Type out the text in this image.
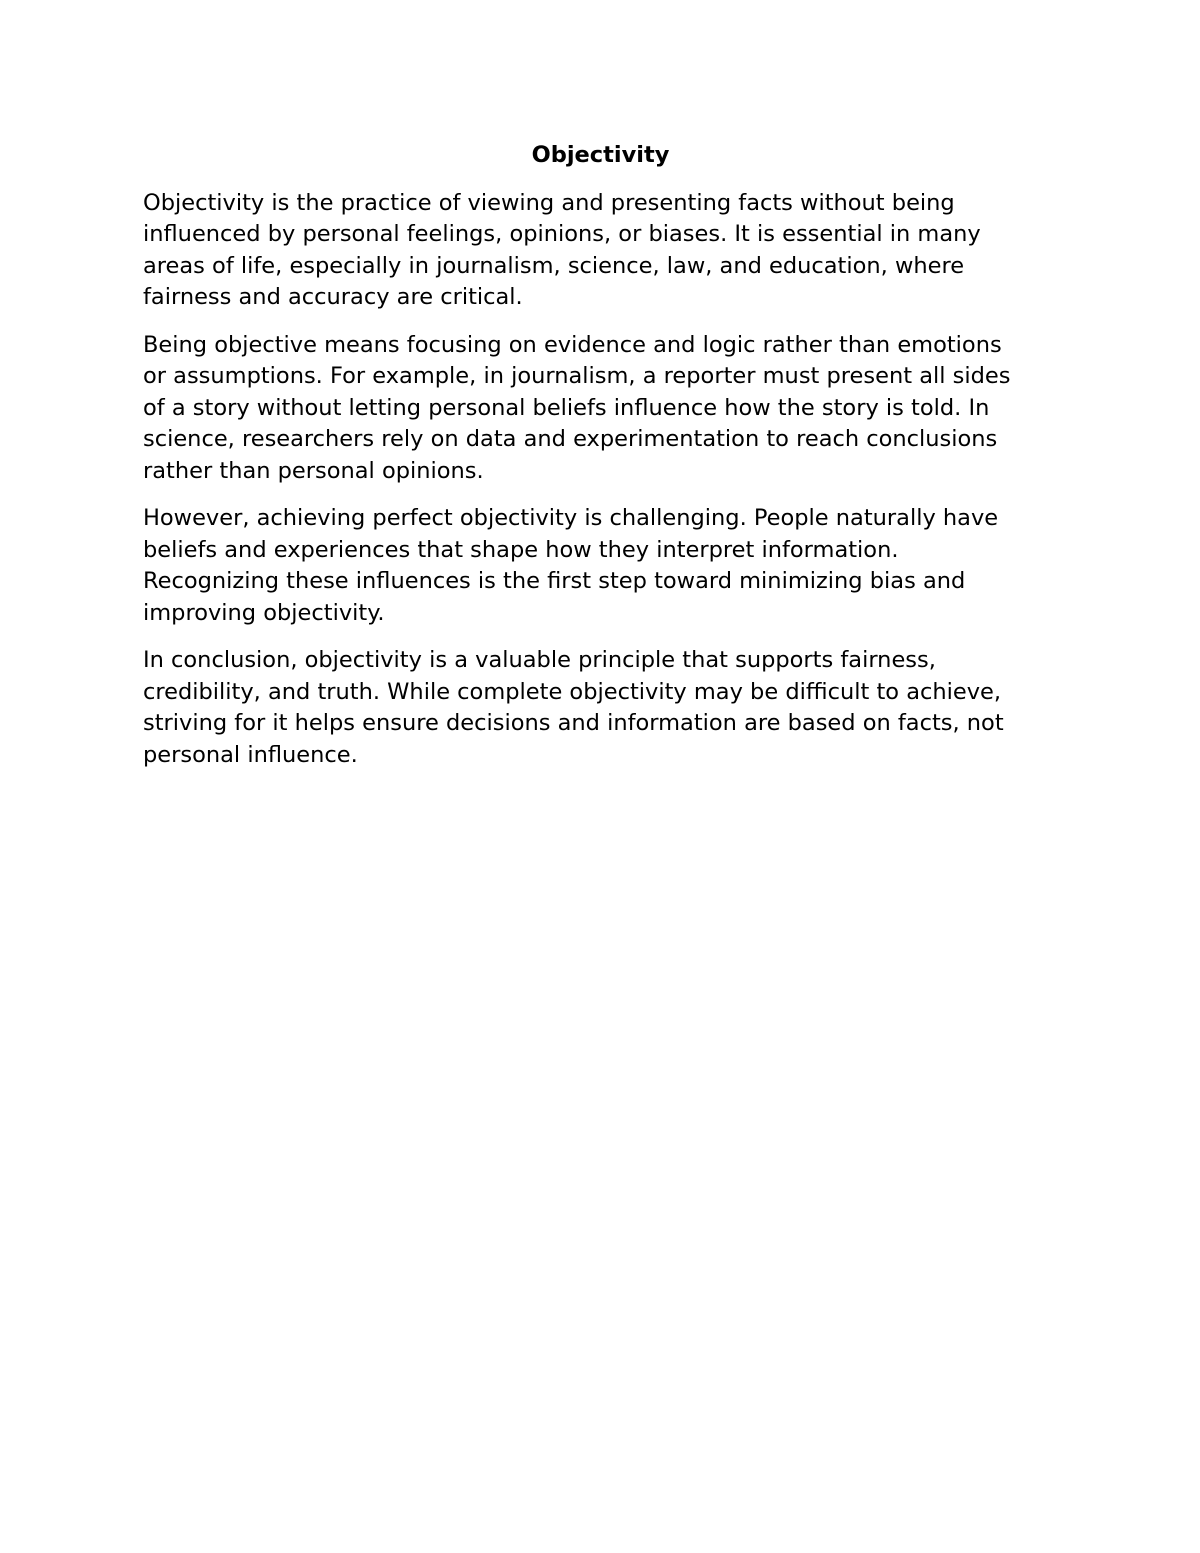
Objectivity

Objectivity is the practice of viewing and presenting facts without being
influenced by personal feelings, opinions, or biases. It is essential in many
areas of life, especially in journalism, science, law, and education, where
fairness and accuracy are critical.

Being objective means focusing on evidence and logic rather than emotions
or assumptions. For example, in journalism, a reporter must present all sides
of a story without letting personal beliefs influence how the story is told. In
science, researchers rely on data and experimentation to reach conclusions
rather than personal opinions.

However, achieving perfect objectivity is challenging. People naturally have
beliefs and experiences that shape how they interpret information.
Recognizing these influences is the first step toward minimizing bias and
improving objectivity.

In conclusion, objectivity is a valuable principle that supports fairness,
credibility, and truth. While complete objectivity may be difficult to achieve,
striving for it helps ensure decisions and information are based on facts, not
personal influence.
